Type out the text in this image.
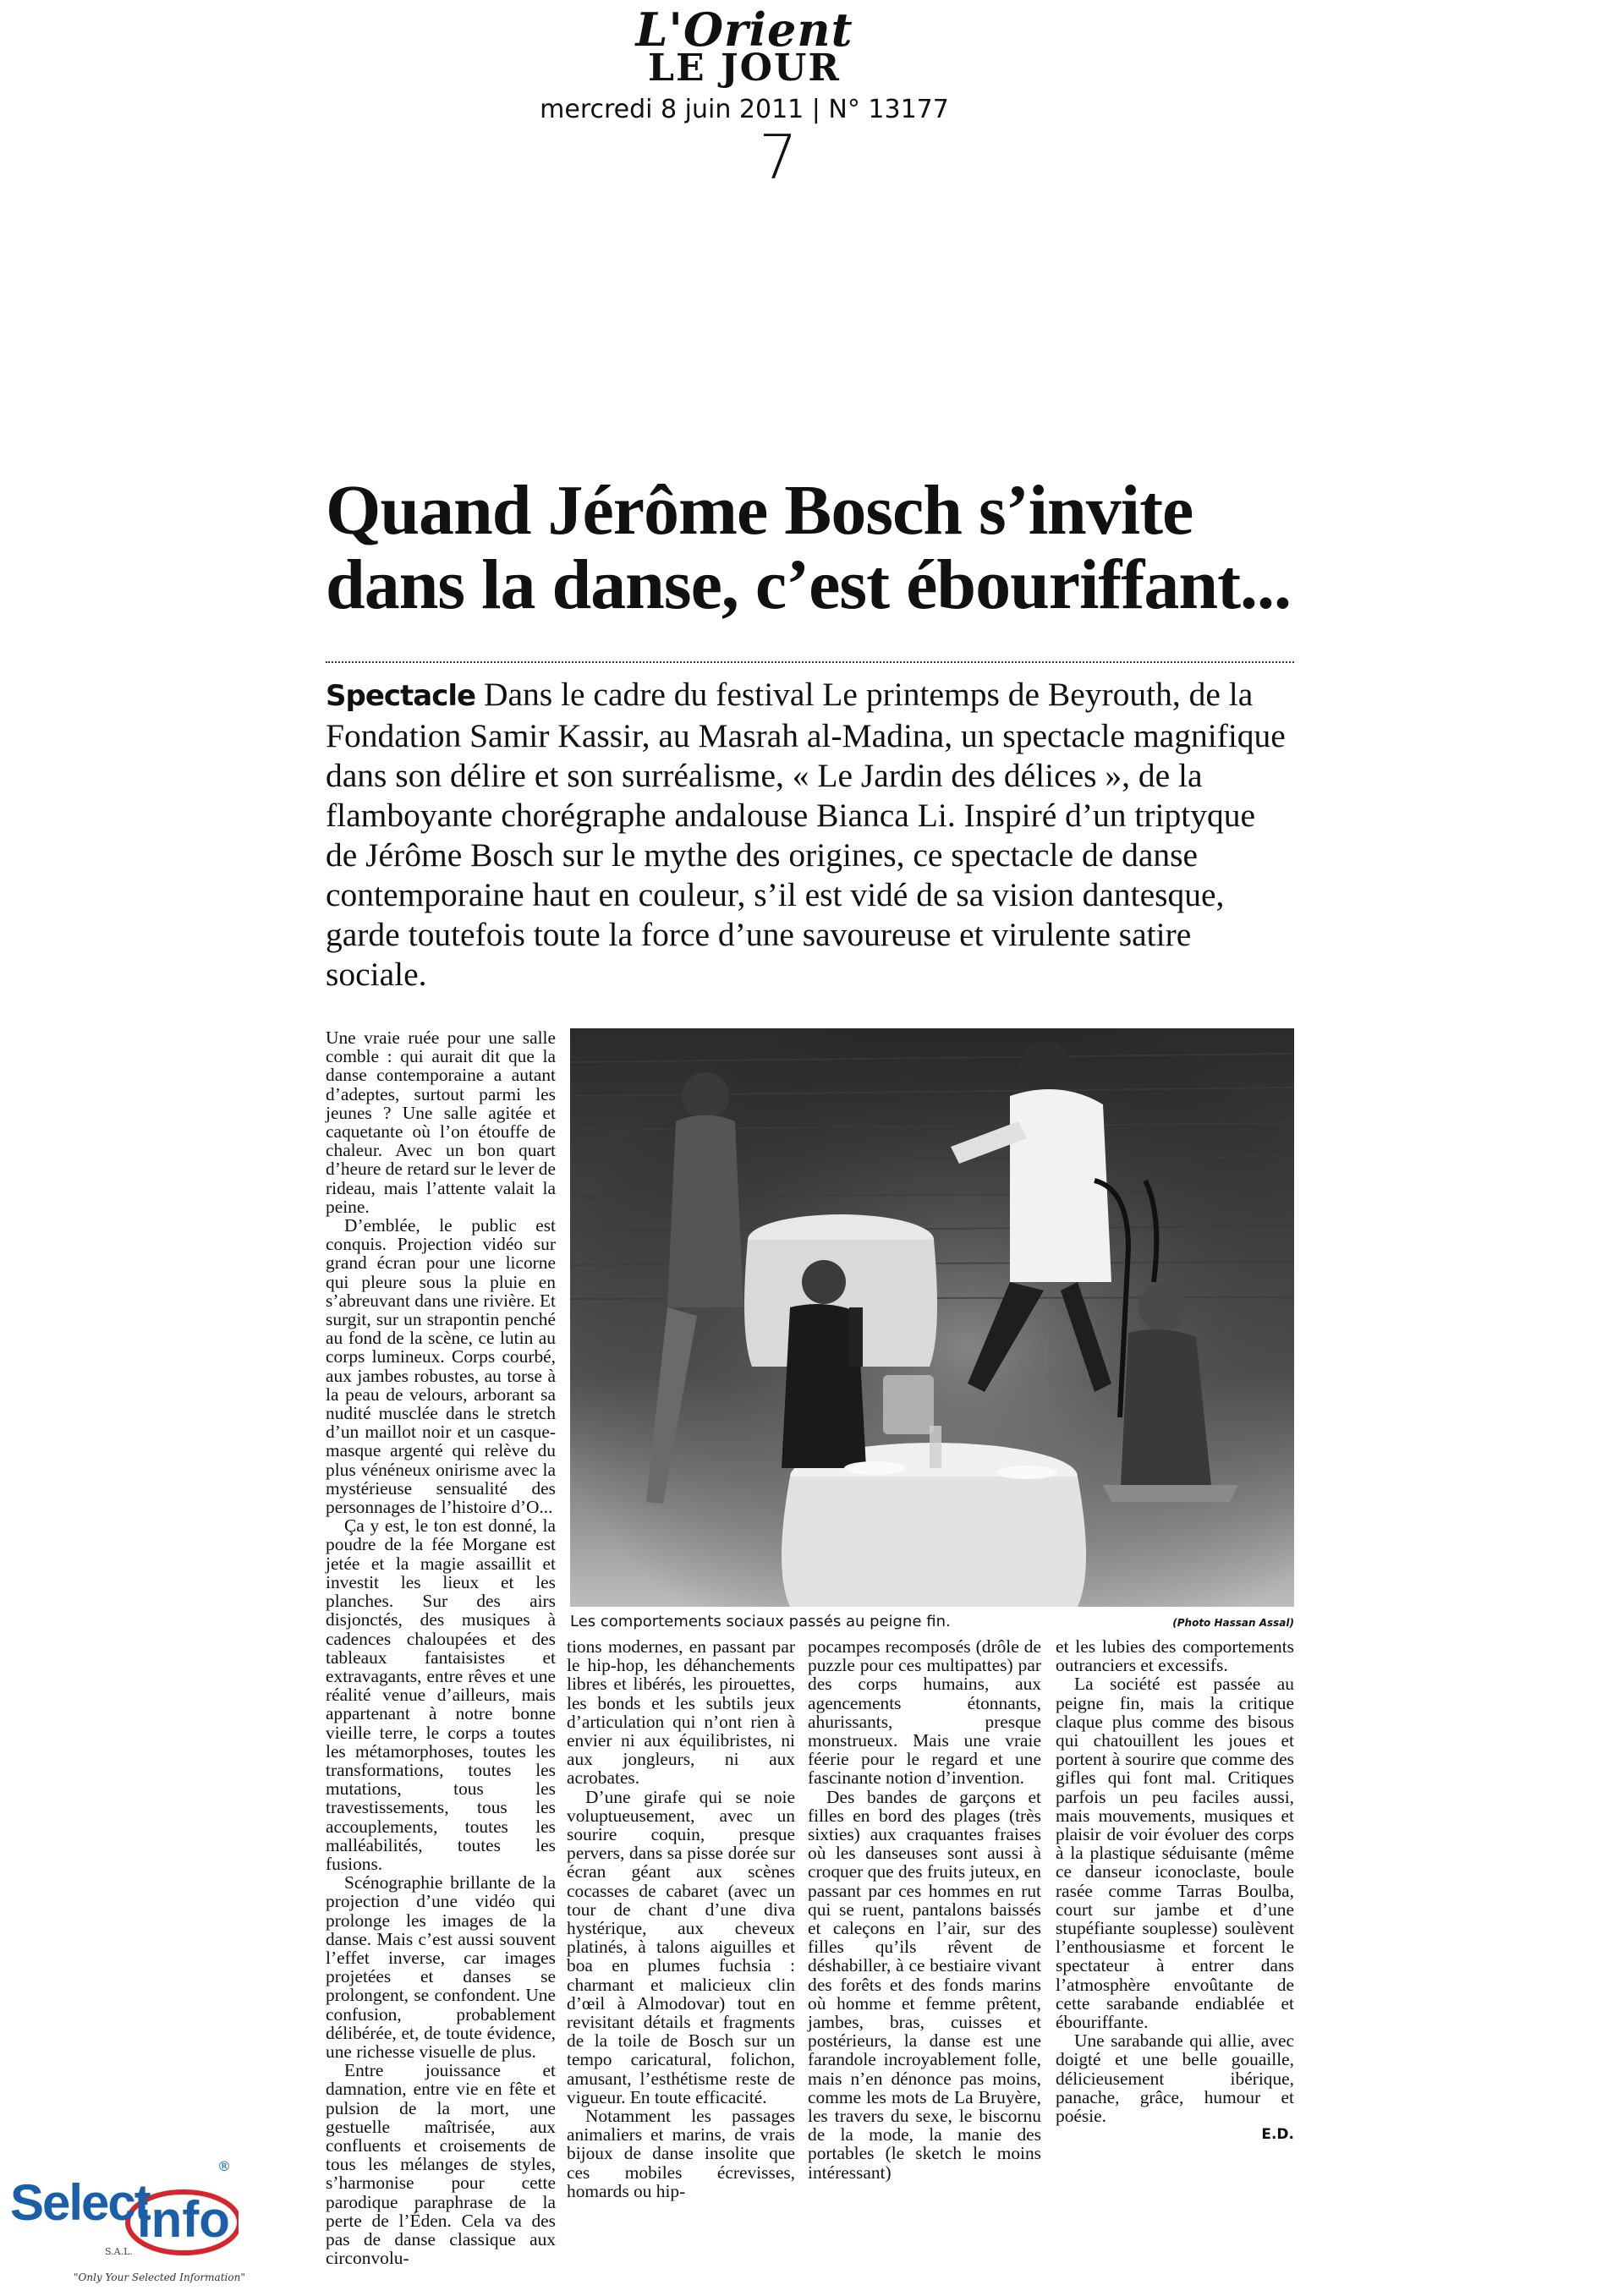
L'Orient
LE JOUR
mercredi 8 juin 2011 | N° 13177
7
Quand Jérôme Bosch s’invite
dans la danse, c’est ébouriffant...

Spectacle Dans le cadre du festival Le printemps de Beyrouth, de la Fondation Samir Kassir, au Masrah al-Madina, un spectacle magnifique dans son délire et son surréalisme, « Le Jardin des délices », de la flamboyante chorégraphe andalouse Bianca Li. Inspiré d’un triptyque de Jérôme Bosch sur le mythe des origines, ce spectacle de danse contemporaine haut en couleur, s’il est vidé de sa vision dantesque, garde toutefois toute la force d’une savoureuse et virulente satire sociale.

Une vraie ruée pour une salle comble : qui aurait dit que la danse contemporaine a autant d’adeptes, surtout parmi les jeunes ? Une salle agitée et caquetante où l’on étouffe de chaleur. Avec un bon quart d’heure de retard sur le lever de rideau, mais l’attente valait la peine.

D’emblée, le public est conquis. Projection vidéo sur grand écran pour une licorne qui pleure sous la pluie en s’abreuvant dans une rivière. Et surgit, sur un strapontin penché au fond de la scène, ce lutin au corps lumineux. Corps courbé, aux jambes robustes, au torse à la peau de velours, arborant sa nudité musclée dans le stretch d’un maillot noir et un casque-masque argenté qui relève du plus vénéneux onirisme avec la mystérieuse sensualité des personnages de l’histoire d’O...

Ça y est, le ton est donné, la poudre de la fée Morgane est jetée et la magie assaillit et investit les lieux et les planches. Sur des airs disjonctés, des musiques à cadences chaloupées et des tableaux fantaisistes et extravagants, entre rêves et une réalité venue d’ailleurs, mais appartenant à notre bonne vieille terre, le corps a toutes les métamorphoses, toutes les transformations, toutes les mutations, tous les travestissements, tous les accouplements, toutes les malléabilités, toutes les fusions.

Scénographie brillante de la projection d’une vidéo qui prolonge les images de la danse. Mais c’est aussi souvent l’effet inverse, car images projetées et danses se prolongent, se confondent. Une confusion, probablement délibérée, et, de toute évidence, une richesse visuelle de plus.

Entre jouissance et damnation, entre vie en fête et pulsion de la mort, une gestuelle maîtrisée, aux confluents et croisements de tous les mélanges de styles, s’harmonise pour cette parodique paraphrase de la perte de l’Éden. Cela va des pas de danse classique aux circonvolu-

Les comportements sociaux passés au peigne fin.	(Photo Hassan Assal)

tions modernes, en passant par le hip-hop, les déhanchements libres et libérés, les pirouettes, les bonds et les subtils jeux d’articulation qui n’ont rien à envier ni aux équilibristes, ni aux jongleurs, ni aux acrobates.

D’une girafe qui se noie voluptueusement, avec un sourire coquin, presque pervers, dans sa pisse dorée sur écran géant aux scènes cocasses de cabaret (avec un tour de chant d’une diva hystérique, aux cheveux platinés, à talons aiguilles et boa en plumes fuchsia : charmant et malicieux clin d’œil à Almodovar) tout en revisitant détails et fragments de la toile de Bosch sur un tempo caricatural, folichon, amusant, l’esthétisme reste de vigueur. En toute efficacité.

Notamment les passages animaliers et marins, de vrais bijoux de danse insolite que ces mobiles écrevisses, homards ou hip-

pocampes recomposés (drôle de puzzle pour ces multipattes) par des corps humains, aux agencements étonnants, ahurissants, presque monstrueux. Mais une vraie féerie pour le regard et une fascinante notion d’invention.

Des bandes de garçons et filles en bord des plages (très sixties) aux craquantes fraises où les danseuses sont aussi à croquer que des fruits juteux, en passant par ces hommes en rut qui se ruent, pantalons baissés et caleçons en l’air, sur des filles qu’ils rêvent de déshabiller, à ce bestiaire vivant des forêts et des fonds marins où homme et femme prêtent, jambes, bras, cuisses et postérieurs, la danse est une farandole incroyablement folle, mais n’en dénonce pas moins, comme les mots de La Bruyère, les travers du sexe, le biscornu de la mode, la manie des portables (le sketch le moins intéressant)

et les lubies des comportements outranciers et excessifs.

La société est passée au peigne fin, mais la critique claque plus comme des bisous qui chatouillent les joues et portent à sourire que comme des gifles qui font mal. Critiques parfois un peu faciles aussi, mais mouvements, musiques et plaisir de voir évoluer des corps à la plastique séduisante (même ce danseur iconoclaste, boule rasée comme Tarras Boulba, court sur jambe et d’une stupéfiante souplesse) soulèvent l’enthousiasme et forcent le spectateur à entrer dans l’atmosphère envoûtante de cette sarabande endiablée et ébouriffante.

Une sarabande qui allie, avec doigté et une belle gouaille, délicieusement ibérique, panache, grâce, humour et poésie.

E.D.

Select
info
®
S.A.L.
"Only Your Selected Information"
